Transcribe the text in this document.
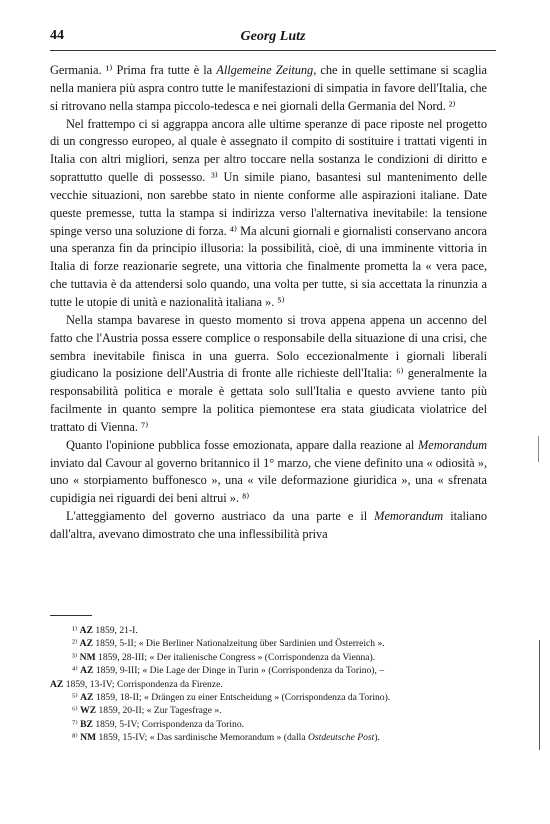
44	Georg Lutz

Germania. ¹⁾ Prima fra tutte è la Allgemeine Zeitung, che in quelle settimane si scaglia nella maniera più aspra contro tutte le manifestazioni di simpatia in favore dell'Italia, che si ritrovano nella stampa piccolo-tedesca e nei giornali della Germania del Nord. ²⁾

Nel frattempo ci si aggrappa ancora alle ultime speranze di pace riposte nel progetto di un congresso europeo, al quale è assegnato il compito di sostituire i trattati vigenti in Italia con altri migliori, senza per altro toccare nella sostanza le condizioni di diritto e soprattutto quelle di possesso. ³⁾ Un simile piano, basantesi sul mantenimento delle vecchie situazioni, non sarebbe stato in niente conforme alle aspirazioni italiane. Date queste premesse, tutta la stampa si indirizza verso l'alternativa inevitabile: la tensione spinge verso una soluzione di forza. ⁴⁾ Ma alcuni giornali e giornalisti conservano ancora una speranza fin da principio illusoria: la possibilità, cioè, di una imminente vittoria in Italia di forze reazionarie segrete, una vittoria che finalmente prometta la « vera pace, che tuttavia è da attendersi solo quando, una volta per tutte, si sia accettata la rinunzia a tutte le utopie di unità e nazionalità italiana ». ⁵⁾

Nella stampa bavarese in questo momento si trova appena appena un accenno del fatto che l'Austria possa essere complice o responsabile della situazione di una crisi, che sembra inevitabile finisca in una guerra. Solo eccezionalmente i giornali liberali giudicano la posizione dell'Austria di fronte alle richieste dell'Italia: ⁶⁾ generalmente la responsabilità politica e morale è gettata solo sull'Italia e questo avviene tanto più facilmente in quanto sempre la politica piemontese era stata giudicata violatrice del trattato di Vienna. ⁷⁾

Quanto l'opinione pubblica fosse emozionata, appare dalla reazione al Memorandum inviato dal Cavour al governo britannico il 1° marzo, che viene definito una « odiosità », uno « storpiamento buffonesco », una « vile deformazione giuridica », una « sfrenata cupidigia nei riguardi dei beni altrui ». ⁸⁾

L'atteggiamento del governo austriaco da una parte e il Memorandum italiano dall'altra, avevano dimostrato che una inflessibilità priva

¹⁾ AZ 1859, 21-I.
²⁾ AZ 1859, 5-II; « Die Berliner Nationalzeitung über Sardinien und Österreich ».
³⁾ NM 1859, 28-III; « Der italienische Congress » (Corrispondenza da Vienna).
⁴⁾ AZ 1859, 9-III; « Die Lage der Dinge in Turin » (Corrispondenza da Torino), –
AZ 1859, 13-IV; Corrispondenza da Firenze.
⁵⁾ AZ 1859, 18-II; « Drängen zu einer Entscheidung » (Corrispondenza da Torino).
⁶⁾ WZ 1859, 20-II; « Zur Tagesfrage ».
⁷⁾ BZ 1859, 5-IV; Corrispondenza da Torino.
⁸⁾ NM 1859, 15-IV; « Das sardinische Memorandum » (dalla Ostdeutsche Post).
